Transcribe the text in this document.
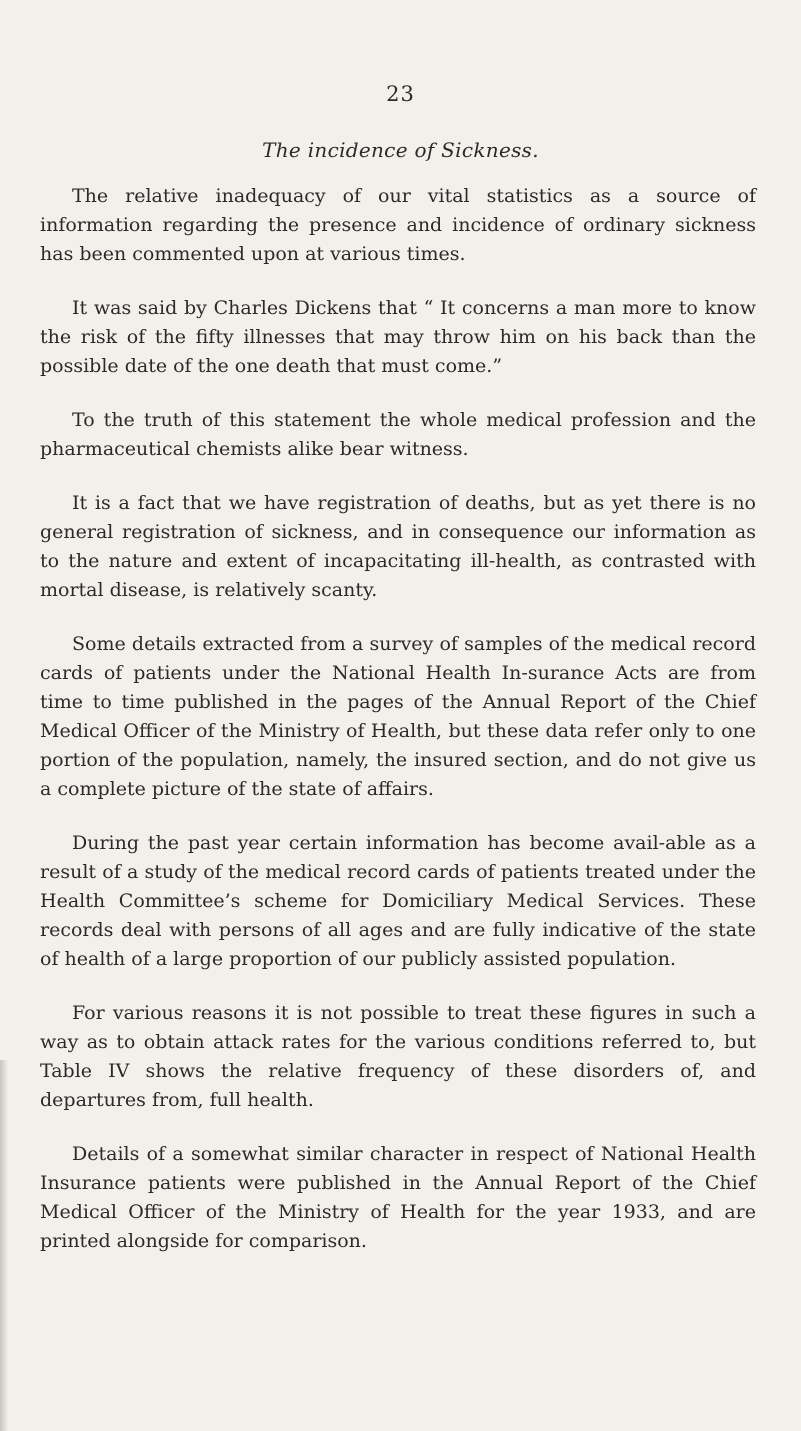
23
The incidence of Sickness.

The relative inadequacy of our vital statistics as a source of information regarding the presence and incidence of ordinary sickness has been commented upon at various times.

It was said by Charles Dickens that “ It concerns a man more to know the risk of the fifty illnesses that may throw him on his back than the possible date of the one death that must come.”

To the truth of this statement the whole medical profession and the pharmaceutical chemists alike bear witness.

It is a fact that we have registration of deaths, but as yet there is no general registration of sickness, and in consequence our information as to the nature and extent of incapacitating ill-health, as contrasted with mortal disease, is relatively scanty.

Some details extracted from a survey of samples of the medical record cards of patients under the National Health In-surance Acts are from time to time published in the pages of the Annual Report of the Chief Medical Officer of the Ministry of Health, but these data refer only to one portion of the population, namely, the insured section, and do not give us a complete picture of the state of affairs.

During the past year certain information has become avail-able as a result of a study of the medical record cards of patients treated under the Health Committee’s scheme for Domiciliary Medical Services. These records deal with persons of all ages and are fully indicative of the state of health of a large proportion of our publicly assisted population.

For various reasons it is not possible to treat these figures in such a way as to obtain attack rates for the various conditions referred to, but Table IV shows the relative frequency of these disorders of, and departures from, full health.

Details of a somewhat similar character in respect of National Health Insurance patients were published in the Annual Report of the Chief Medical Officer of the Ministry of Health for the year 1933, and are printed alongside for comparison.
